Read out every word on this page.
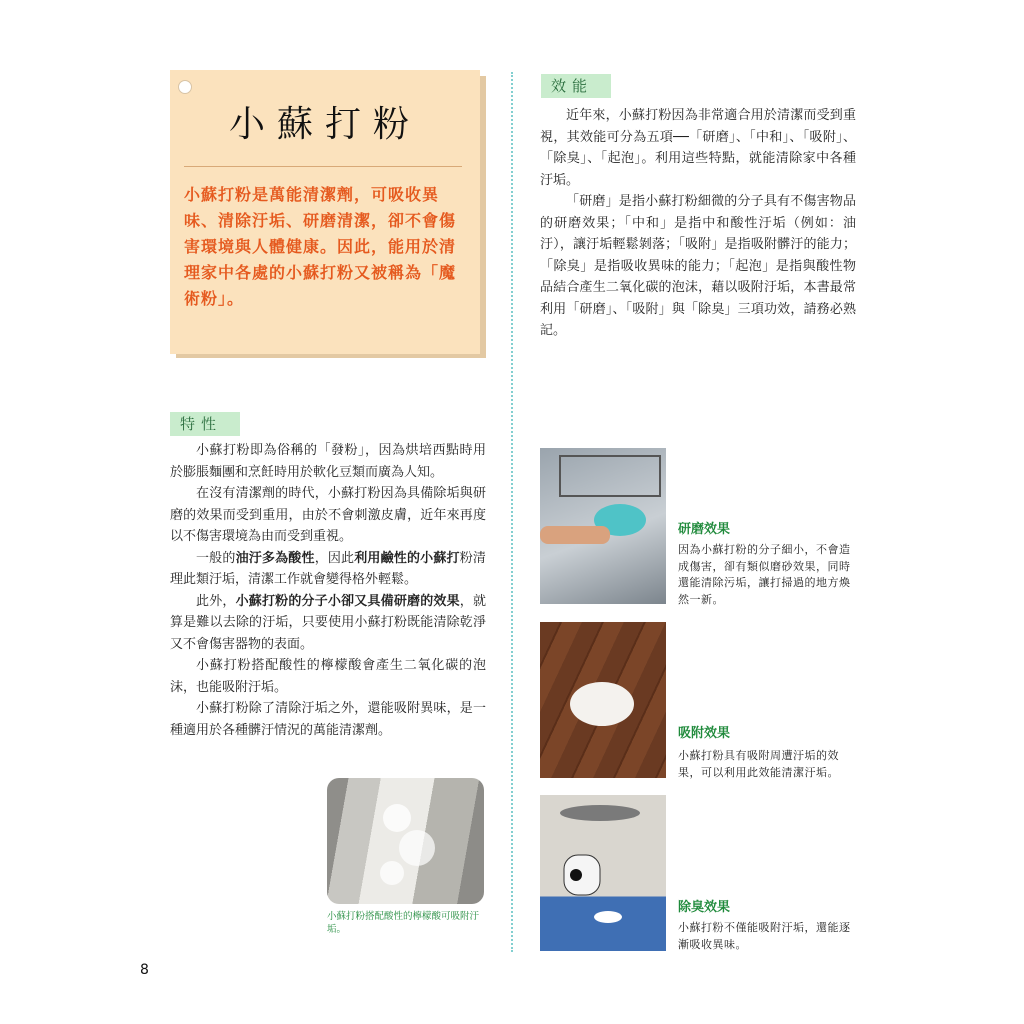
小蘇打粉

小蘇打粉是萬能清潔劑，可吸收異味、清除汙垢、研磨清潔，卻不會傷害環境與人體健康。因此，能用於清理家中各處的小蘇打粉又被稱為「魔術粉」。

效能

近年來，小蘇打粉因為非常適合用於清潔而受到重視，其效能可分為五項──「研磨」、「中和」、「吸附」、「除臭」、「起泡」。利用這些特點，就能清除家中各種汙垢。

「研磨」是指小蘇打粉細微的分子具有不傷害物品的研磨效果；「中和」是指中和酸性汙垢（例如：油汙），讓汙垢輕鬆剝落；「吸附」是指吸附髒汙的能力；「除臭」是指吸收異味的能力；「起泡」是指與酸性物品結合產生二氧化碳的泡沫，藉以吸附汙垢，本書最常利用「研磨」、「吸附」與「除臭」三項功效，請務必熟記。

特性

小蘇打粉即為俗稱的「發粉」，因為烘培西點時用於膨脹麵團和烹飪時用於軟化豆類而廣為人知。

在沒有清潔劑的時代，小蘇打粉因為具備除垢與研磨的效果而受到重用，由於不會刺激皮膚，近年來再度以不傷害環境為由而受到重視。

一般的油汙多為酸性，因此利用鹼性的小蘇打粉清理此類汙垢，清潔工作就會變得格外輕鬆。

此外，小蘇打粉的分子小卻又具備研磨的效果，就算是難以去除的汙垢，只要使用小蘇打粉既能清除乾淨又不會傷害器物的表面。

小蘇打粉搭配酸性的檸檬酸會產生二氧化碳的泡沫，也能吸附汙垢。

小蘇打粉除了清除汙垢之外，還能吸附異味，是一種適用於各種髒汙情況的萬能清潔劑。

小蘇打粉搭配酸性的檸檬酸可吸附汙垢。
研磨效果

因為小蘇打粉的分子細小，不會造成傷害，卻有類似磨砂效果，同時還能清除污垢，讓打掃過的地方煥然一新。

吸附效果

小蘇打粉具有吸附周遭汙垢的效果，可以利用此效能清潔汙垢。

除臭效果

小蘇打粉不僅能吸附汙垢，還能逐漸吸收異味。

8
